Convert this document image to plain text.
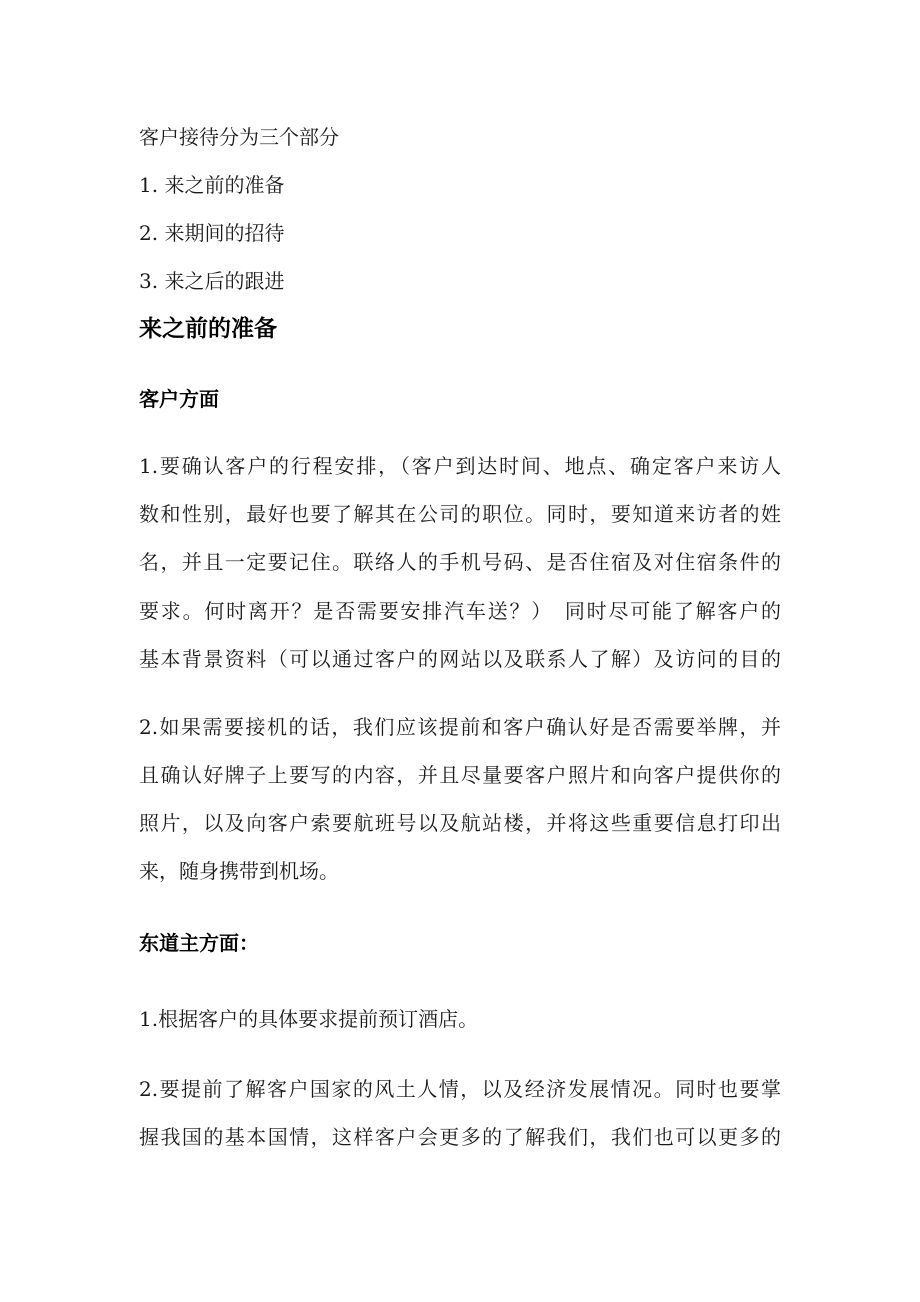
客户接待分为三个部分
1. 来之前的准备
2. 来期间的招待
3. 来之后的跟进
来之前的准备
客户方面
1.要确认客户的行程安排，（客户到达时间、地点、确定客户来访人
数和性别，最好也要了解其在公司的职位。同时，要知道来访者的姓
名，并且一定要记住。联络人的手机号码、是否住宿及对住宿条件的
要求。何时离开？是否需要安排汽车送？）　同时尽可能了解客户的
基本背景资料（可以通过客户的网站以及联系人了解）及访问的目的
2.如果需要接机的话，我们应该提前和客户确认好是否需要举牌，并
且确认好牌子上要写的内容，并且尽量要客户照片和向客户提供你的
照片，以及向客户索要航班号以及航站楼，并将这些重要信息打印出
来，随身携带到机场。
东道主方面：
1.根据客户的具体要求提前预订酒店。
2.要提前了解客户国家的风土人情，以及经济发展情况。同时也要掌
握我国的基本国情，这样客户会更多的了解我们，我们也可以更多的
